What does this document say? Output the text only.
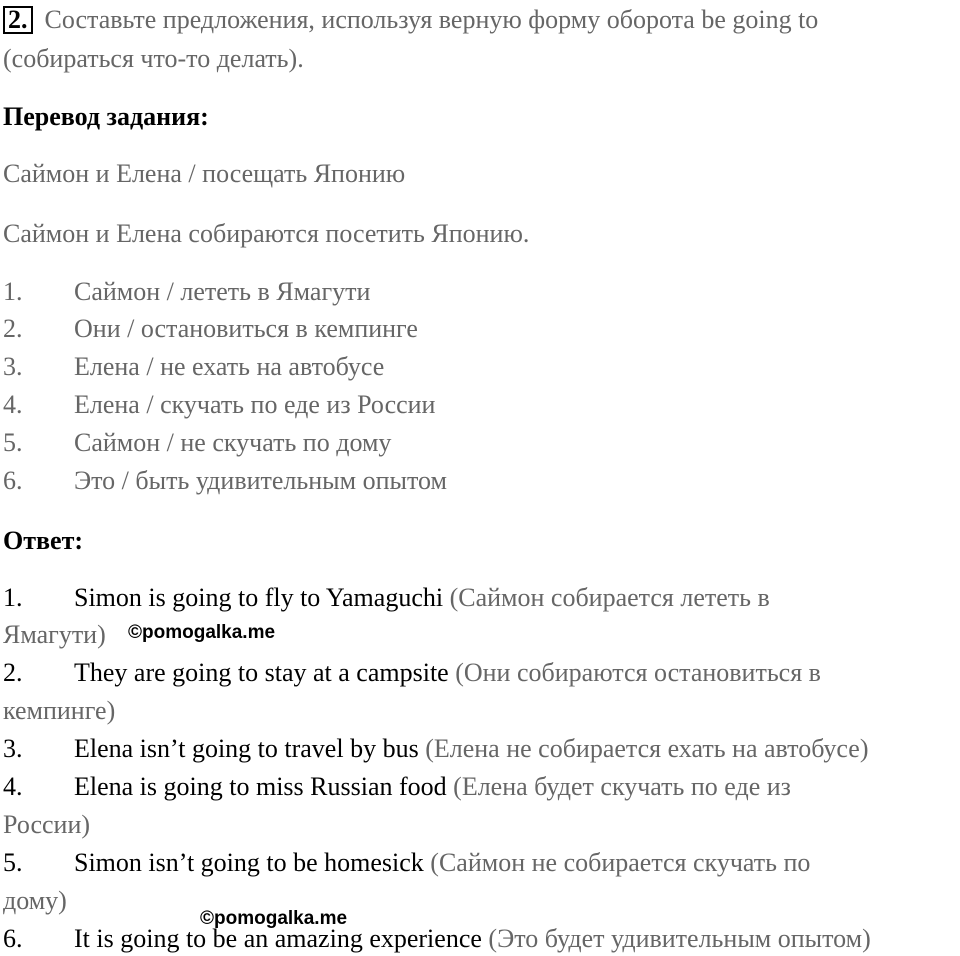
2. Составьте предложения, используя верную форму оборота be going to
(собираться что-то делать).
Перевод задания:
Саймон и Елена / посещать Японию
Саймон и Елена собираются посетить Японию.
1. Саймон / лететь в Ямагути
2. Они / остановиться в кемпинге
3. Елена / не ехать на автобусе
4. Елена / скучать по еде из России
5. Саймон / не скучать по дому
6. Это / быть удивительным опытом
Ответ:
1. Simon is going to fly to Yamaguchi (Саймон собирается лететь в
Ямагути)
2. They are going to stay at a campsite (Они собираются остановиться в
кемпинге)
3. Elena isn’t going to travel by bus (Елена не собирается ехать на автобусе)
4. Elena is going to miss Russian food (Елена будет скучать по еде из
России)
5. Simon isn’t going to be homesick (Саймон не собирается скучать по
дому)
6. It is going to be an amazing experience (Это будет удивительным опытом)
©pomogalka.me
©pomogalka.me
